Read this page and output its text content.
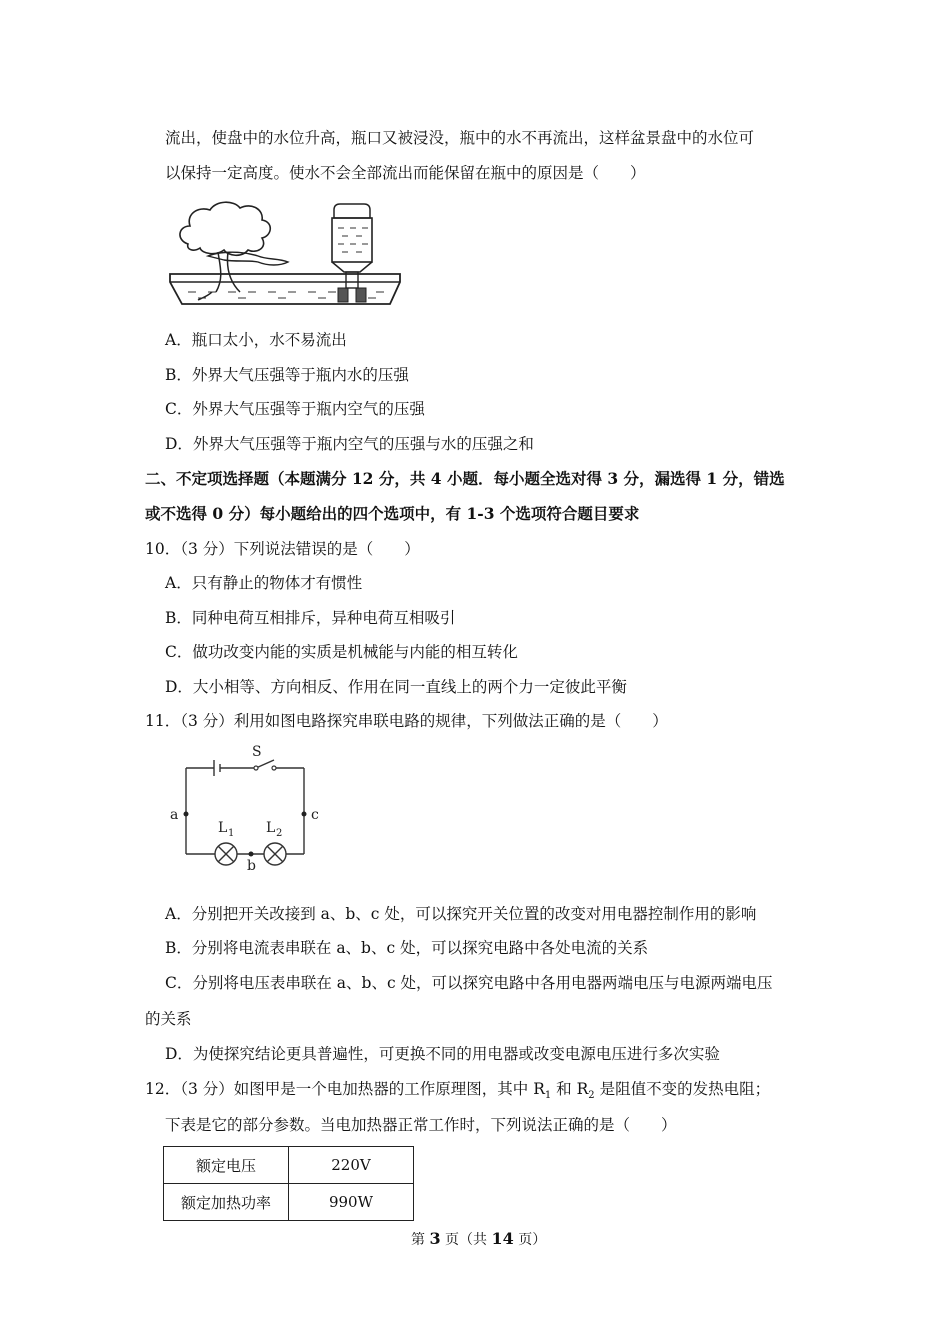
流出，使盘中的水位升高，瓶口又被浸没，瓶中的水不再流出，这样盆景盘中的水位可
以保持一定高度。使水不会全部流出而能保留在瓶中的原因是（　　）
A．瓶口太小，水不易流出
B．外界大气压强等于瓶内水的压强
C．外界大气压强等于瓶内空气的压强
D．外界大气压强等于瓶内空气的压强与水的压强之和
二、不定项选择题（本题满分 12 分，共 4 小题．每小题全选对得 3 分，漏选得 1 分，错选
或不选得 0 分）每小题给出的四个选项中，有 1-3 个选项符合题目要求
10．（3 分）下列说法错误的是（　　）
A．只有静止的物体才有惯性
B．同种电荷互相排斥，异种电荷互相吸引
C．做功改变内能的实质是机械能与内能的相互转化
D．大小相等、方向相反、作用在同一直线上的两个力一定彼此平衡
11．（3 分）利用如图电路探究串联电路的规律，下列做法正确的是（　　）
S
a	c
b
L 1 L 2
A．分别把开关改接到 a、b、c 处，可以探究开关位置的改变对用电器控制作用的影响
B．分别将电流表串联在 a、b、c 处，可以探究电路中各处电流的关系
C．分别将电压表串联在 a、b、c 处，可以探究电路中各用电器两端电压与电源两端电压
的关系
D．为使探究结论更具普遍性，可更换不同的用电器或改变电源电压进行多次实验
12．（3 分）如图甲是一个电加热器的工作原理图，其中 $R_1$ 和 $R_2$ 是阻值不变的发热电阻；
下表是它的部分参数。当电加热器正常工作时，下列说法正确的是（　　）
额定电压	220V
额定加热功率	990W
第 3 页（共 14 页）
